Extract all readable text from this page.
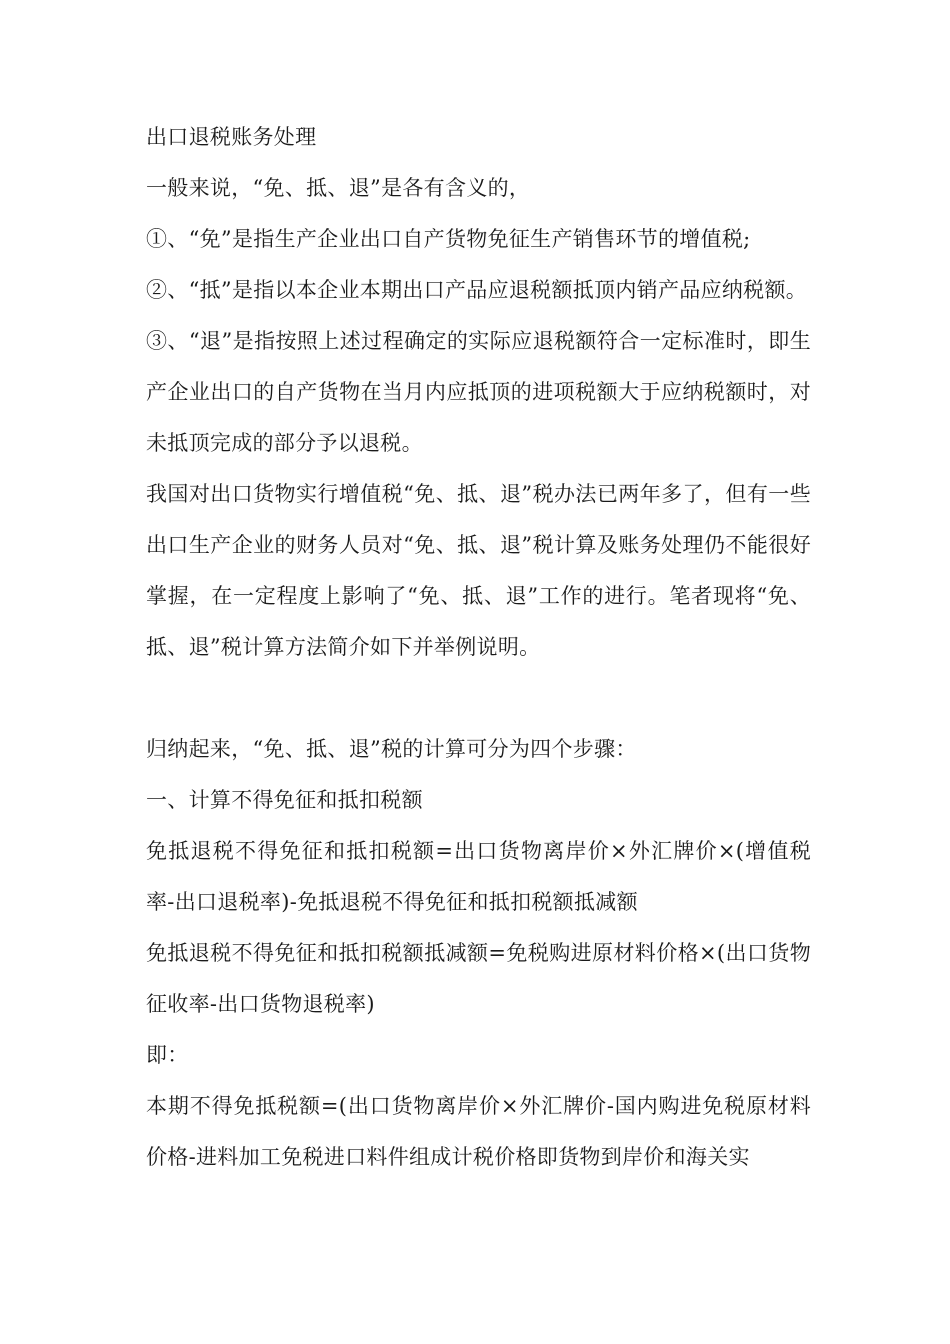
出口退税账务处理

一般来说，“免、抵、退”是各有含义的，

①、“免”是指生产企业出口自产货物免征生产销售环节的增值税;

②、“抵”是指以本企业本期出口产品应退税额抵顶内销产品应纳税额。

③、“退”是指按照上述过程确定的实际应退税额符合一定标准时，即生产企业出口的自产货物在当月内应抵顶的进项税额大于应纳税额时，对未抵顶完成的部分予以退税。

我国对出口货物实行增值税“免、抵、退”税办法已两年多了，但有一些出口生产企业的财务人员对“免、抵、退”税计算及账务处理仍不能很好掌握，在一定程度上影响了“免、抵、退”工作的进行。笔者现将“免、抵、退”税计算方法简介如下并举例说明。

归纳起来，“免、抵、退”税的计算可分为四个步骤：

一、计算不得免征和抵扣税额

免抵退税不得免征和抵扣税额=出口货物离岸价×外汇牌价×(增值税率-出口退税率)-免抵退税不得免征和抵扣税额抵减额

免抵退税不得免征和抵扣税额抵减额=免税购进原材料价格×(出口货物征收率-出口货物退税率)

即：

本期不得免抵税额=(出口货物离岸价×外汇牌价-国内购进免税原材料价格-进料加工免税进口料件组成计税价格即货物到岸价和海关实
